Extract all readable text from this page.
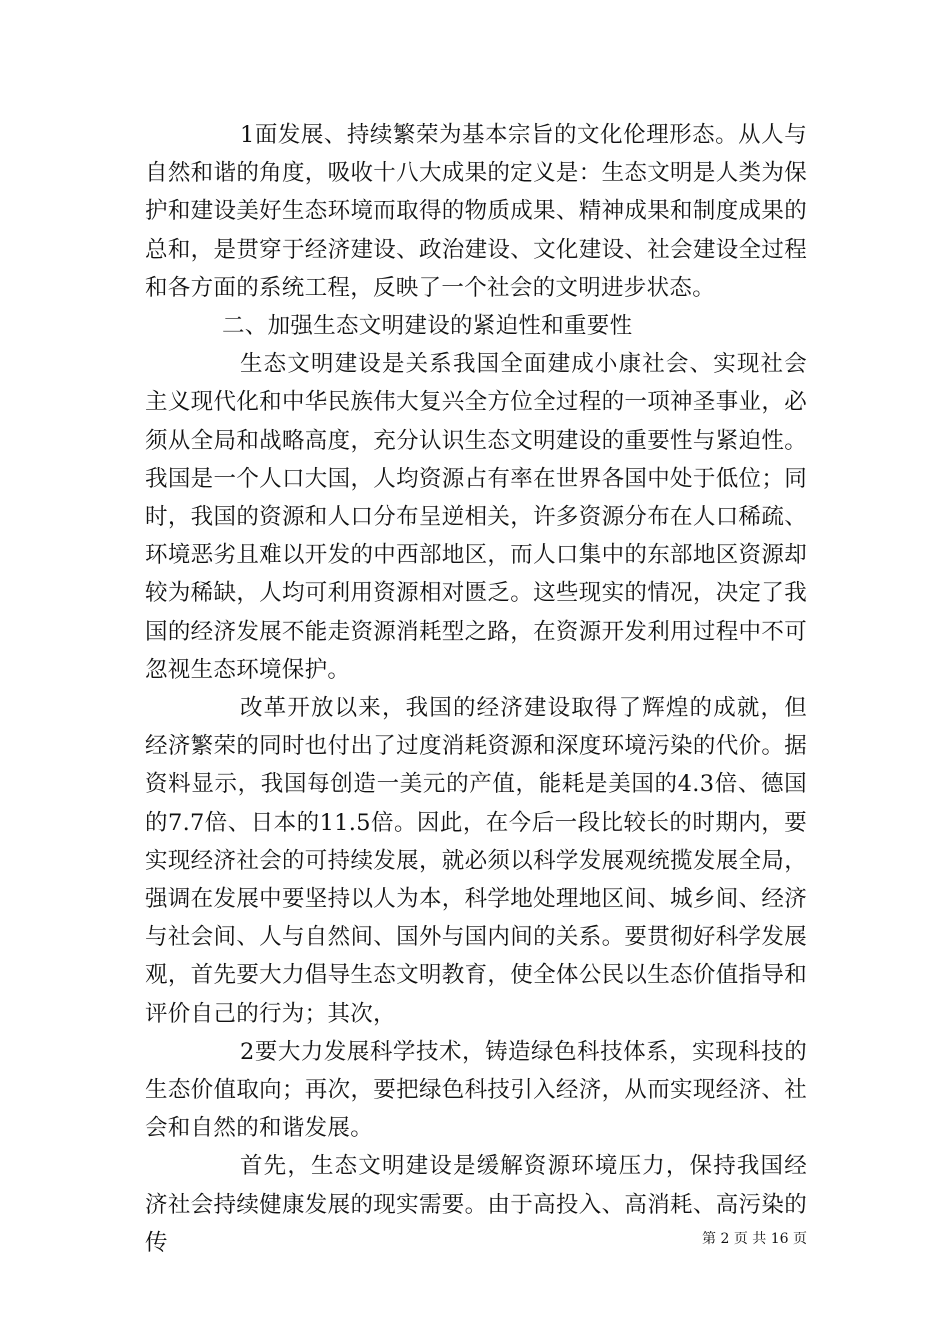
1面发展、持续繁荣为基本宗旨的文化伦理形态。从人与自然和谐的角度，吸收十八大成果的定义是：生态文明是人类为保护和建设美好生态环境而取得的物质成果、精神成果和制度成果的总和，是贯穿于经济建设、政治建设、文化建设、社会建设全过程和各方面的系统工程，反映了一个社会的文明进步状态。

二、加强生态文明建设的紧迫性和重要性

生态文明建设是关系我国全面建成小康社会、实现社会主义现代化和中华民族伟大复兴全方位全过程的一项神圣事业，必须从全局和战略高度，充分认识生态文明建设的重要性与紧迫性。我国是一个人口大国，人均资源占有率在世界各国中处于低位；同时，我国的资源和人口分布呈逆相关，许多资源分布在人口稀疏、环境恶劣且难以开发的中西部地区，而人口集中的东部地区资源却较为稀缺，人均可利用资源相对匮乏。这些现实的情况，决定了我国的经济发展不能走资源消耗型之路，在资源开发利用过程中不可忽视生态环境保护。

改革开放以来，我国的经济建设取得了辉煌的成就，但经济繁荣的同时也付出了过度消耗资源和深度环境污染的代价。据资料显示，我国每创造一美元的产值，能耗是美国的4.3倍、德国的7.7倍、日本的11.5倍。因此，在今后一段比较长的时期内，要实现经济社会的可持续发展，就必须以科学发展观统揽发展全局，强调在发展中要坚持以人为本，科学地处理地区间、城乡间、经济与社会间、人与自然间、国外与国内间的关系。要贯彻好科学发展观，首先要大力倡导生态文明教育，使全体公民以生态价值指导和评价自己的行为；其次，

2要大力发展科学技术，铸造绿色科技体系，实现科技的生态价值取向；再次，要把绿色科技引入经济，从而实现经济、社会和自然的和谐发展。

首先，生态文明建设是缓解资源环境压力，保持我国经济社会持续健康发展的现实需要。由于高投入、高消耗、高污染的传	第 2 页 共 16 页
